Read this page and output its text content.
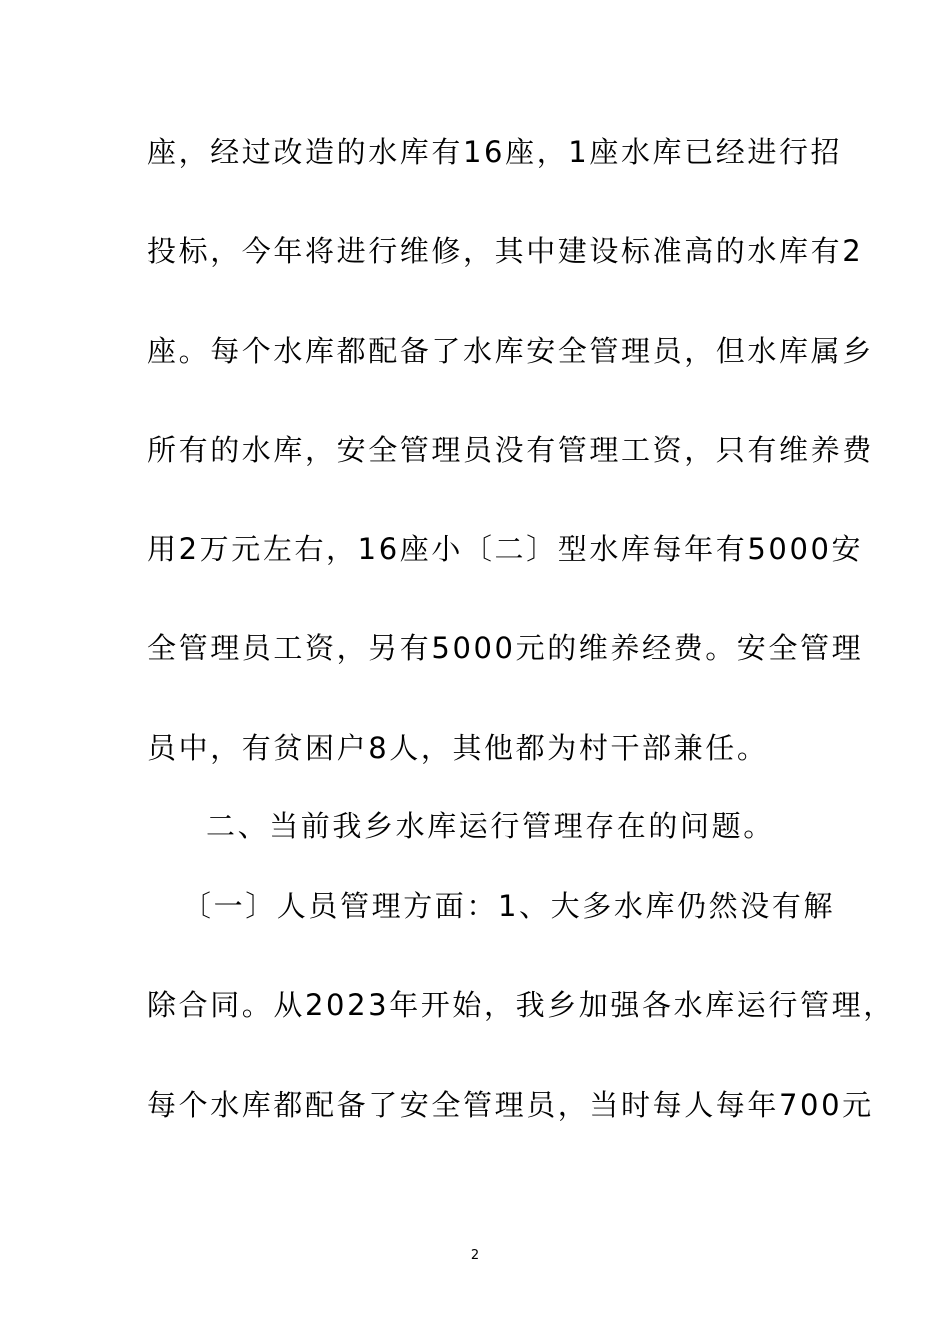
座，经过改造的水库有16座，1座水库已经进行招
投标，今年将进行维修，其中建设标准高的水库有2
座。每个水库都配备了水库安全管理员，但水库属乡
所有的水库，安全管理员没有管理工资，只有维养费
用2万元左右，16座小〔二〕型水库每年有5000安
全管理员工资，另有5000元的维养经费。安全管理
员中，有贫困户8人，其他都为村干部兼任。
二、当前我乡水库运行管理存在的问题。
〔一〕人员管理方面：1、大多水库仍然没有解
除合同。从2023年开始，我乡加强各水库运行管理，
每个水库都配备了安全管理员，当时每人每年700元
2
